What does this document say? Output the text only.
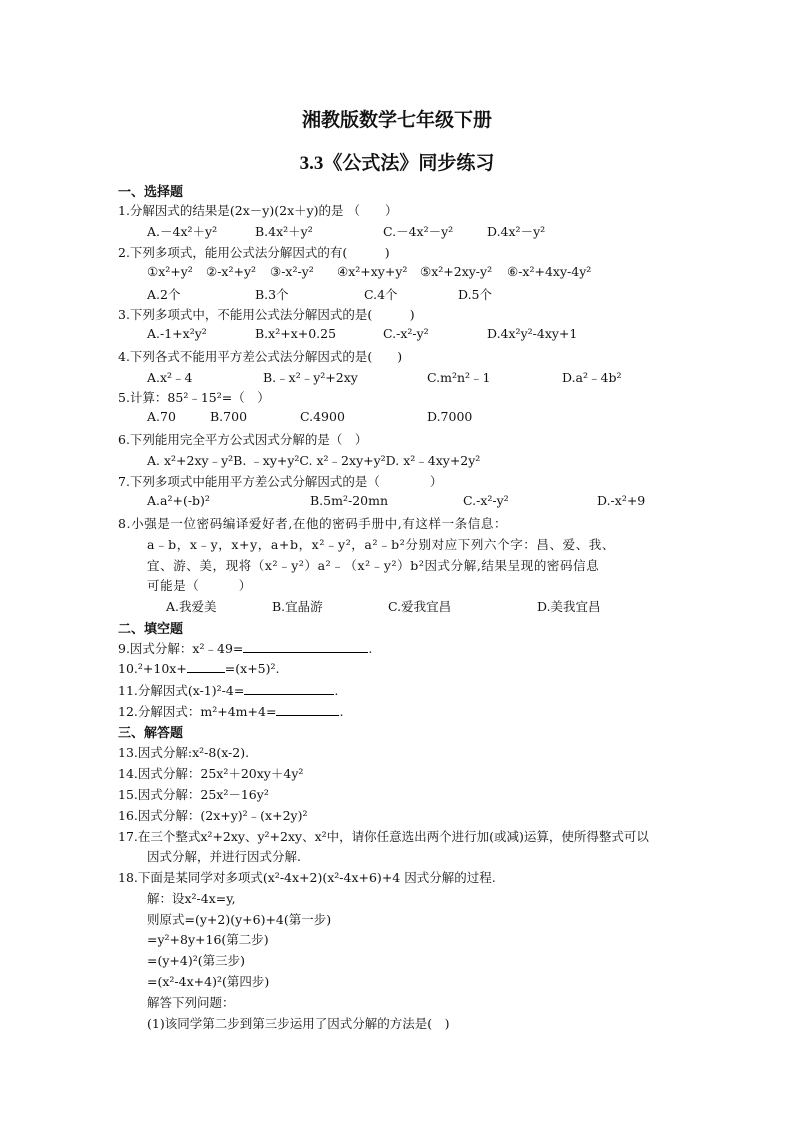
湘教版数学七年级下册
3.3《公式法》同步练习
一、选择题
1.分解因式的结果是(2x－y)(2x＋y)的是 （　　）
A.－4x²＋y²	B.4x²＋y²	C.－4x²－y²	D.4x²－y²
2.下列多项式，能用公式法分解因式的有(　　　)
①x²+y² ②-x²+y² ③-x²-y² ④x²+xy+y² ⑤x²+2xy-y² ⑥-x²+4xy-4y²
A.2个	B.3个	C.4个	D.5个
3.下列多项式中，不能用公式法分解因式的是(　　　)
A.-1+x²y²	B.x²+x+0.25	C.-x²-y²	D.4x²y²-4xy+1
4.下列各式不能用平方差公式法分解因式的是(　　)
A.x²﹣4	B.﹣x²﹣y²+2xy	C.m²n²﹣1	D.a²﹣4b²
5.计算：85²﹣15²=（　）
A.70	B.700	C.4900	D.7000
6.下列能用完全平方公式因式分解的是（　）
A. x²+2xy﹣y²B. ﹣xy+y²C. x²﹣2xy+y²D. x²﹣4xy+2y²
7.下列多项式中能用平方差公式分解因式的是（　　　　）
A.a²+(-b)²	B.5m²-20mn	C.-x²-y²	D.-x²+9
8.小强是一位密码编译爱好者,在他的密码手册中,有这样一条信息：
a﹣b，x﹣y，x+y，a+b，x²﹣y²，a²﹣b²分别对应下列六个字：昌、爱、我、
宜、游、美，现将（x²﹣y²）a²﹣（x²﹣y²）b²因式分解,结果呈现的密码信息
可能是（　　　）
A.我爱美	B.宜晶游	C.爱我宜昌	D.美我宜昌
二、填空题
9.因式分解：x²﹣49=	.
10.²+10x+	=(x+5)².
11.分解因式(x-1)²-4=	.
12.分解因式：m²+4m+4=	.
三、解答题
13.因式分解:x²-8(x-2).
14.因式分解：25x²＋20xy＋4y²
15.因式分解：25x²－16y²
16.因式分解：(2x+y)²﹣(x+2y)²
17.在三个整式x²+2xy、y²+2xy、x²中，请你任意选出两个进行加(或减)运算，使所得整式可以
因式分解，并进行因式分解.
18.下面是某同学对多项式(x²-4x+2)(x²-4x+6)+4 因式分解的过程.
解：设x²-4x=y,
则原式=(y+2)(y+6)+4(第一步)
=y²+8y+16(第二步)
=(y+4)²(第三步)
=(x²-4x+4)²(第四步)
解答下列问题：
(1)该同学第二步到第三步运用了因式分解的方法是(　)
